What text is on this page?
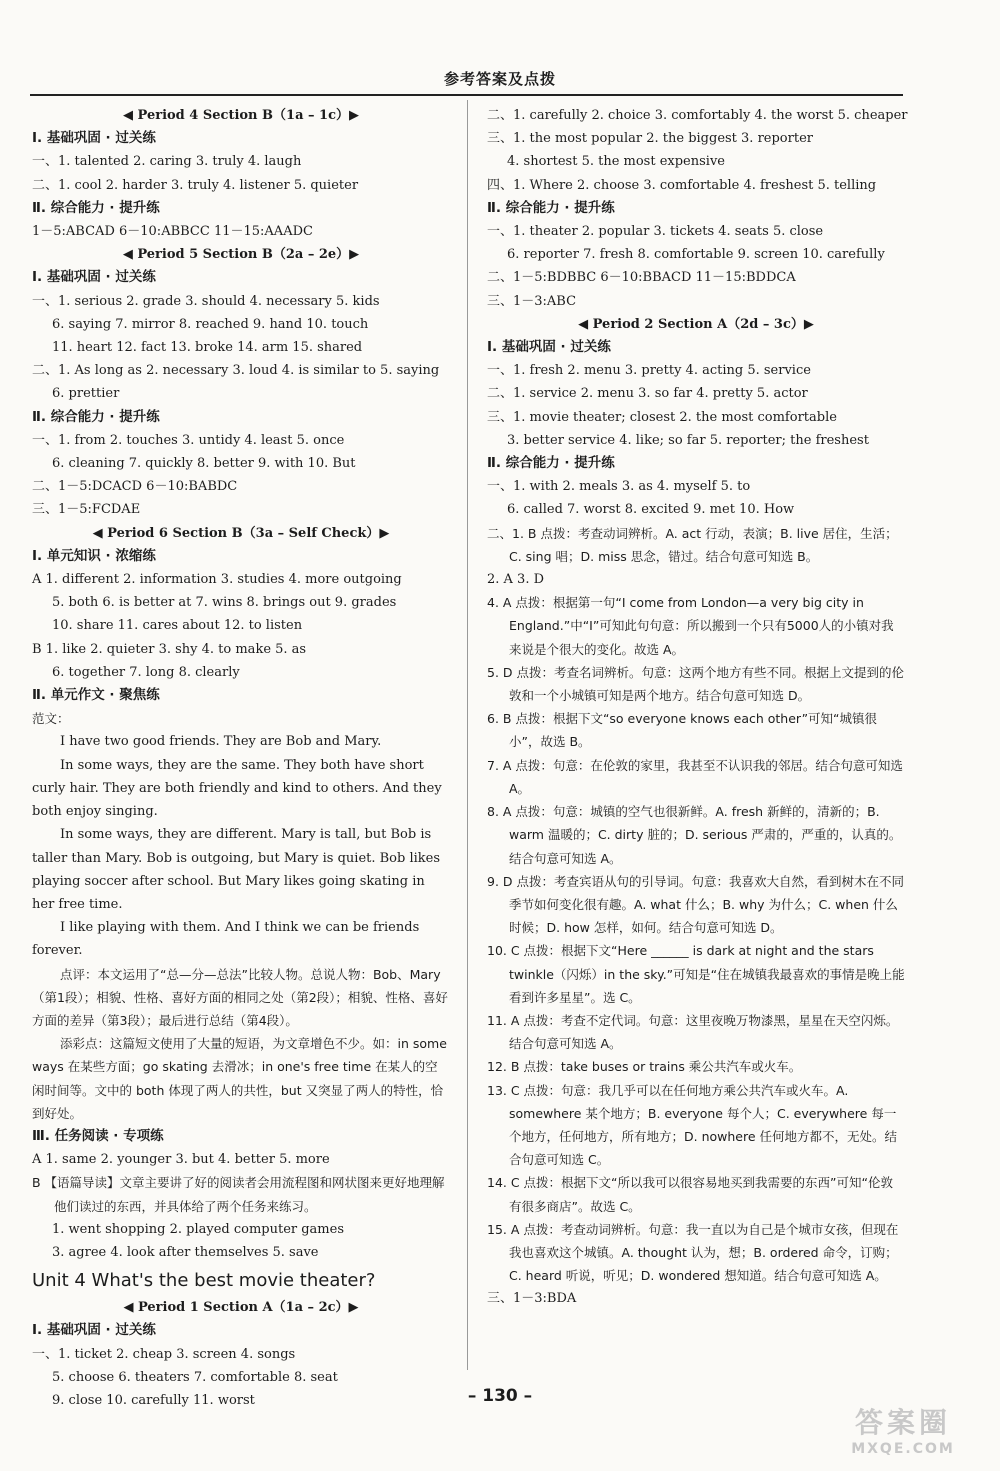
参考答案及点拨
◀ Period 4 Section B（1a – 1c）▶
Ⅰ. 基础巩固 · 过关练
一、1. talented 2. caring 3. truly 4. laugh
二、1. cool 2. harder 3. truly 4. listener 5. quieter
Ⅱ. 综合能力 · 提升练
1－5:ABCAD 6－10:ABBCC 11－15:AAADC
◀ Period 5 Section B（2a – 2e）▶
Ⅰ. 基础巩固 · 过关练
一、1. serious 2. grade 3. should 4. necessary 5. kids
6. saying 7. mirror 8. reached 9. hand 10. touch
11. heart 12. fact 13. broke 14. arm 15. shared
二、1. As long as 2. necessary 3. loud 4. is similar to 5. saying
6. prettier
Ⅱ. 综合能力 · 提升练
一、1. from 2. touches 3. untidy 4. least 5. once
6. cleaning 7. quickly 8. better 9. with 10. But
二、1－5:DCACD 6－10:BABDC
三、1－5:FCDAE
◀ Period 6 Section B（3a – Self Check）▶
Ⅰ. 单元知识 · 浓缩练
A 1. different 2. information 3. studies 4. more outgoing
5. both 6. is better at 7. wins 8. brings out 9. grades
10. share 11. cares about 12. to listen
B 1. like 2. quieter 3. shy 4. to make 5. as
6. together 7. long 8. clearly
Ⅱ. 单元作文 · 聚焦练
范文：
I have two good friends. They are Bob and Mary.
In some ways, they are the same. They both have short curly hair. They are both friendly and kind to others. And they both enjoy singing.
In some ways, they are different. Mary is tall, but Bob is taller than Mary. Bob is outgoing, but Mary is quiet. Bob likes playing soccer after school. But Mary likes going skating in her free time.
I like playing with them. And I think we can be friends forever.
点评：本文运用了“总—分—总法”比较人物。总说人物：Bob、Mary（第1段）；相貌、性格、喜好方面的相同之处（第2段）；相貌、性格、喜好方面的差异（第3段）；最后进行总结（第4段）。
添彩点：这篇短文使用了大量的短语，为文章增色不少。如：in some ways 在某些方面；go skating 去滑冰；in one's free time 在某人的空闲时间等。文中的 both 体现了两人的共性，but 又突显了两人的特性，恰到好处。
Ⅲ. 任务阅读 · 专项练
A 1. same 2. younger 3. but 4. better 5. more
B 【语篇导读】文章主要讲了好的阅读者会用流程图和网状图来更好地理解他们读过的东西，并具体给了两个任务来练习。
1. went shopping 2. played computer games
3. agree 4. look after themselves 5. save
Unit 4 What's the best movie theater?
◀ Period 1 Section A（1a – 2c）▶
Ⅰ. 基础巩固 · 过关练
一、1. ticket 2. cheap 3. screen 4. songs
5. choose 6. theaters 7. comfortable 8. seat
9. close 10. carefully 11. worst
二、1. carefully 2. choice 3. comfortably 4. the worst 5. cheaper
三、1. the most popular 2. the biggest 3. reporter
4. shortest 5. the most expensive
四、1. Where 2. choose 3. comfortable 4. freshest 5. telling
Ⅱ. 综合能力 · 提升练
一、1. theater 2. popular 3. tickets 4. seats 5. close
6. reporter 7. fresh 8. comfortable 9. screen 10. carefully
二、1－5:BDBBC 6－10:BBACD 11－15:BDDCA
三、1－3:ABC
◀ Period 2 Section A（2d – 3c）▶
Ⅰ. 基础巩固 · 过关练
一、1. fresh 2. menu 3. pretty 4. acting 5. service
二、1. service 2. menu 3. so far 4. pretty 5. actor
三、1. movie theater; closest 2. the most comfortable
3. better service 4. like; so far 5. reporter; the freshest
Ⅱ. 综合能力 · 提升练
一、1. with 2. meals 3. as 4. myself 5. to
6. called 7. worst 8. excited 9. met 10. How
二、1. B 点拨：考查动词辨析。A. act 行动，表演；B. live 居住，生活；C. sing 唱；D. miss 思念，错过。结合句意可知选 B。
2. A 3. D
4. A 点拨：根据第一句“I come from London—a very big city in England.”中“I”可知此句句意：所以搬到一个只有5000人的小镇对我来说是个很大的变化。故选 A。
5. D 点拨：考查名词辨析。句意：这两个地方有些不同。根据上文提到的伦敦和一个小城镇可知是两个地方。结合句意可知选 D。
6. B 点拨：根据下文“so everyone knows each other”可知“城镇很小”，故选 B。
7. A 点拨：句意：在伦敦的家里，我甚至不认识我的邻居。结合句意可知选 A。
8. A 点拨：句意：城镇的空气也很新鲜。A. fresh 新鲜的，清新的；B. warm 温暖的；C. dirty 脏的；D. serious 严肃的，严重的，认真的。结合句意可知选 A。
9. D 点拨：考查宾语从句的引导词。句意：我喜欢大自然，看到树木在不同季节如何变化很有趣。A. what 什么；B. why 为什么；C. when 什么时候；D. how 怎样，如何。结合句意可知选 D。
10. C 点拨：根据下文“Here ______ is dark at night and the stars twinkle（闪烁）in the sky.”可知是“住在城镇我最喜欢的事情是晚上能看到许多星星”。选 C。
11. A 点拨：考查不定代词。句意：这里夜晚万物漆黑，星星在天空闪烁。结合句意可知选 A。
12. B 点拨：take buses or trains 乘公共汽车或火车。
13. C 点拨：句意：我几乎可以在任何地方乘公共汽车或火车。A. somewhere 某个地方；B. everyone 每个人；C. everywhere 每一个地方，任何地方，所有地方；D. nowhere 任何地方都不，无处。结合句意可知选 C。
14. C 点拨：根据下文“所以我可以很容易地买到我需要的东西”可知“伦敦有很多商店”。故选 C。
15. A 点拨：考查动词辨析。句意：我一直以为自己是个城市女孩，但现在我也喜欢这个城镇。A. thought 认为，想；B. ordered 命令，订购；C. heard 听说，听见；D. wondered 想知道。结合句意可知选 A。
三、1－3:BDA
– 130 –
答案圈
MXQE.COM
